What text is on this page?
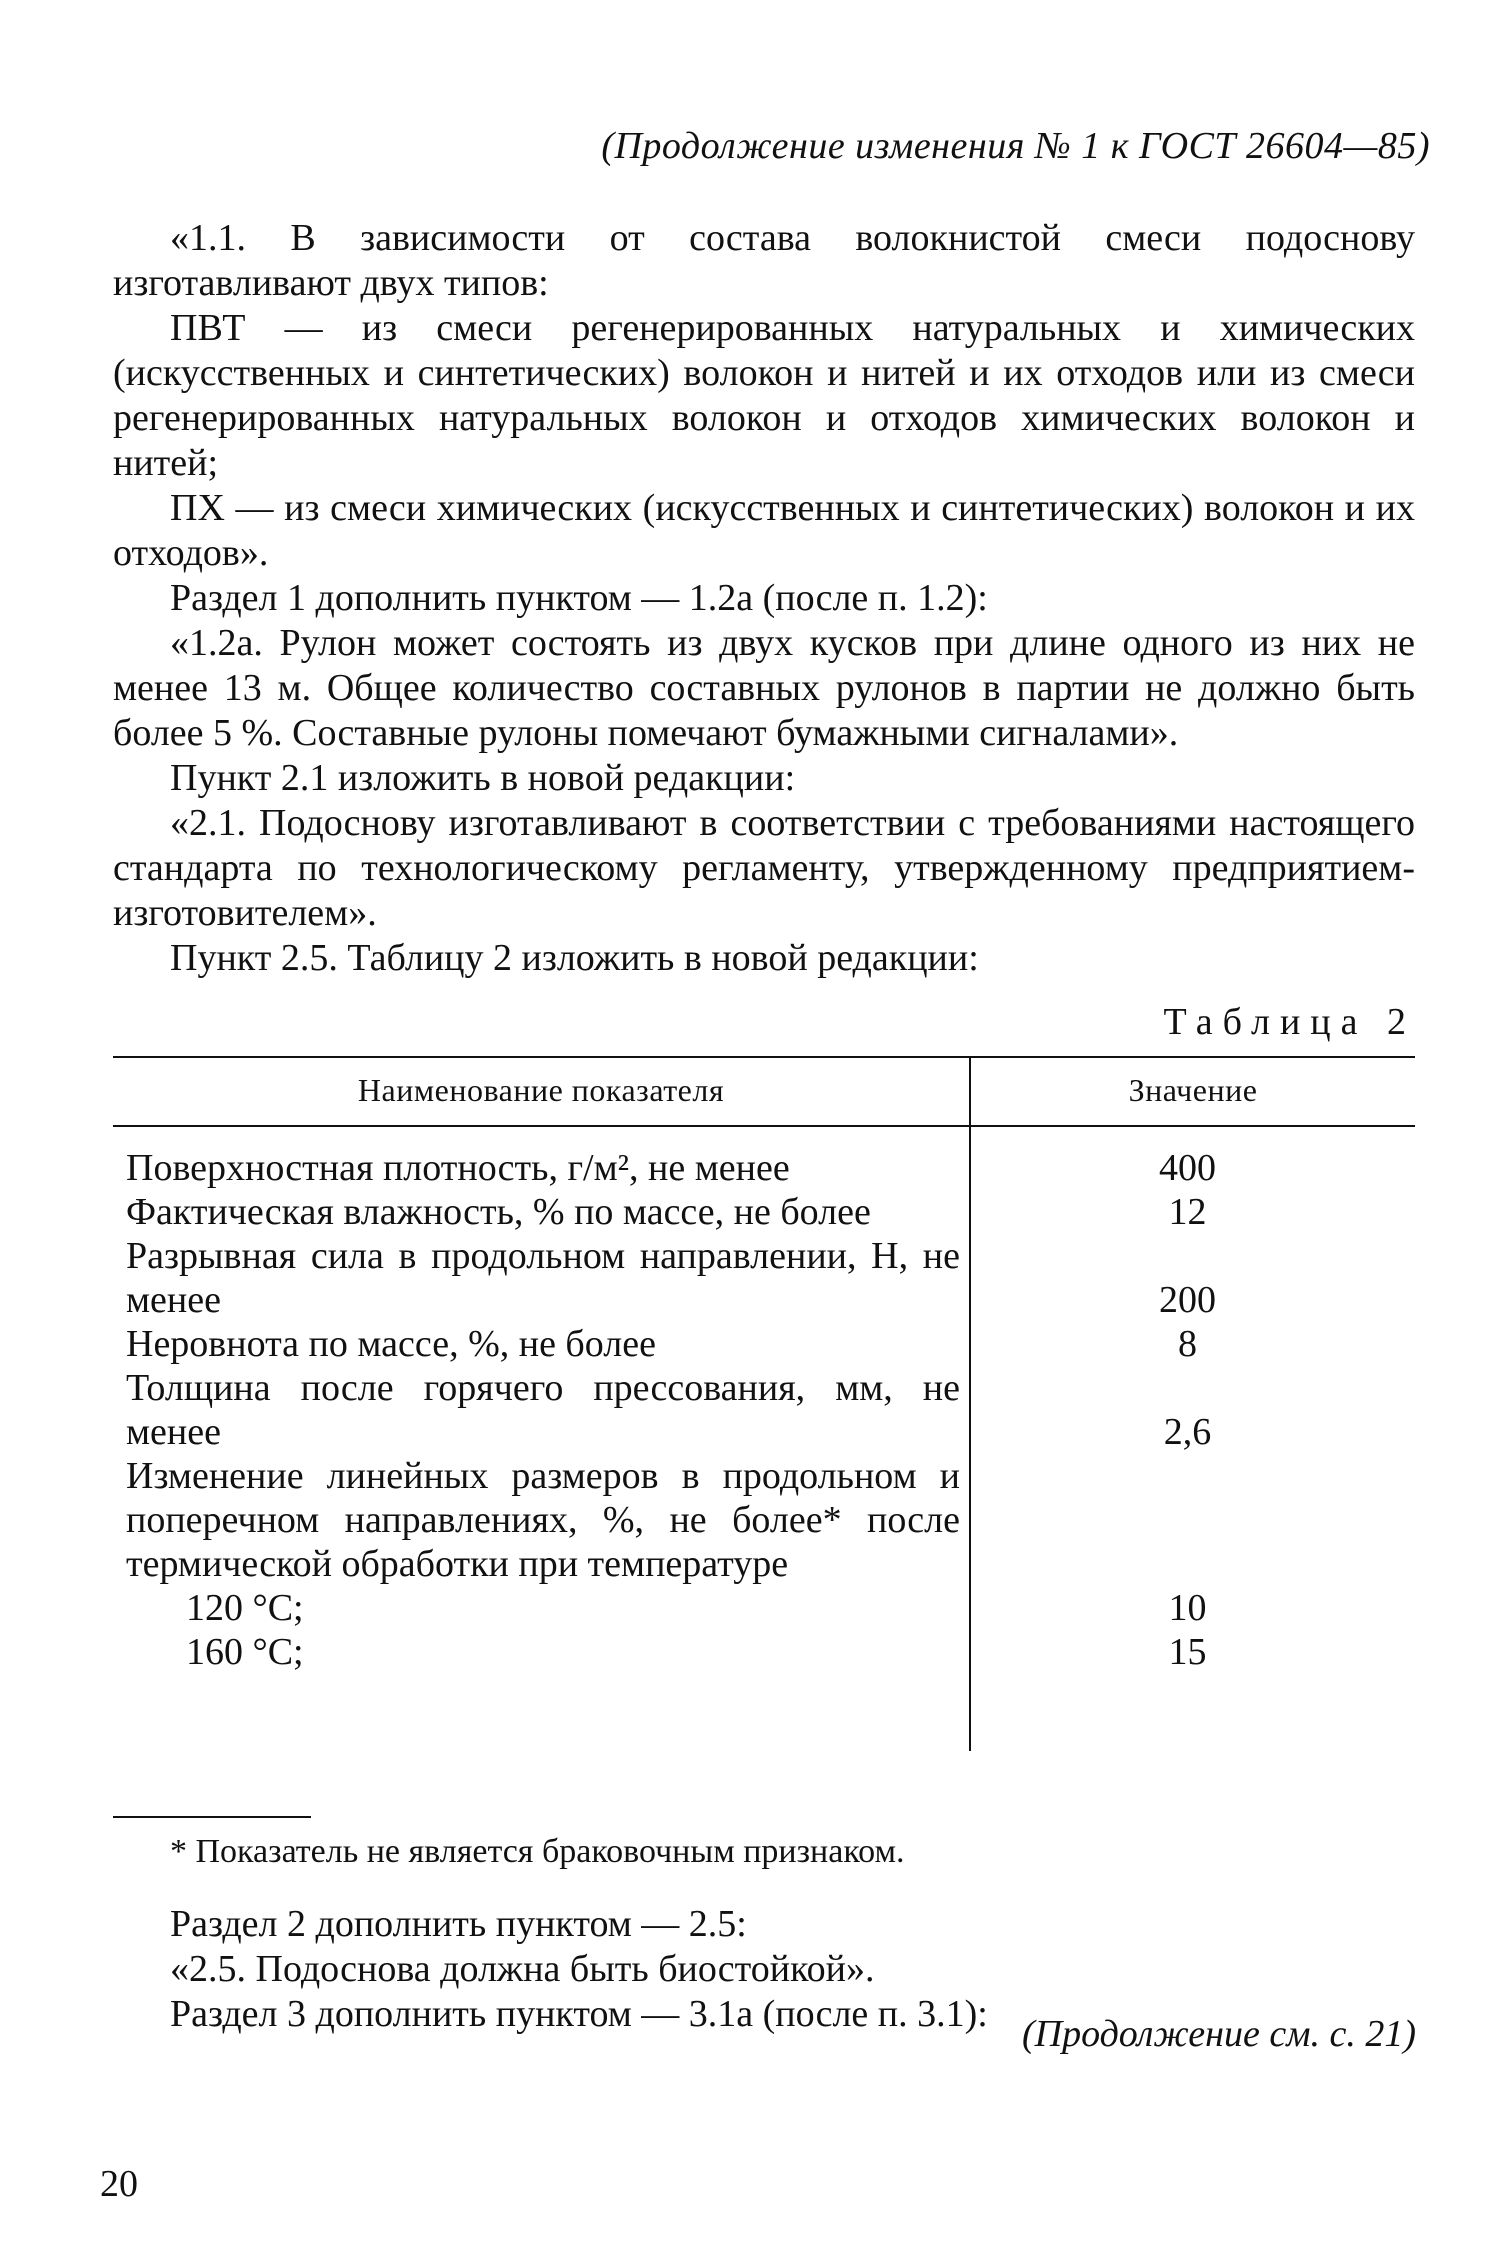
(Продолжение изменения № 1 к ГОСТ 26604—85)

«1.1. В зависимости от состава волокнистой смеси подоснову изготавливают двух типов:

ПВТ — из смеси регенерированных натуральных и химических (искусственных и синтетических) волокон и нитей и их отходов или из смеси регенерированных натуральных волокон и отходов химических волокон и нитей;

ПХ — из смеси химических (искусственных и синтетических) волокон и их отходов».

Раздел 1 дополнить пунктом — 1.2а (после п. 1.2):

«1.2а. Рулон может состоять из двух кусков при длине одного из них не менее 13 м. Общее количество составных рулонов в партии не должно быть более 5 %. Составные рулоны помечают бумажными сигналами».

Пункт 2.1 изложить в новой редакции:

«2.1. Подоснову изготавливают в соответствии с требованиями настоящего стандарта по технологическому регламенту, утвержденному предприятием-изготовителем».

Пункт 2.5. Таблицу 2 изложить в новой редакции:

Таблица 2
Наименование показателя	Значение
Поверхностная плотность, г/м², не менее	400
Фактическая влажность, % по массе, не более	12
Разрывная сила в продольном направлении, Н, не менее	200
Неровнота по массе, %, не более	8
Толщина после горячего прессования, мм, не менее	2,6
Изменение линейных размеров в продольном и поперечном направлениях, %, не более* после термической обработки при температуре
120 °С;	10
160 °С;	15
* Показатель не является браковочным признаком.

Раздел 2 дополнить пунктом — 2.5:

«2.5. Подоснова должна быть биостойкой».

Раздел 3 дополнить пунктом — 3.1а (после п. 3.1): (Продолжение см. с. 21)
20
